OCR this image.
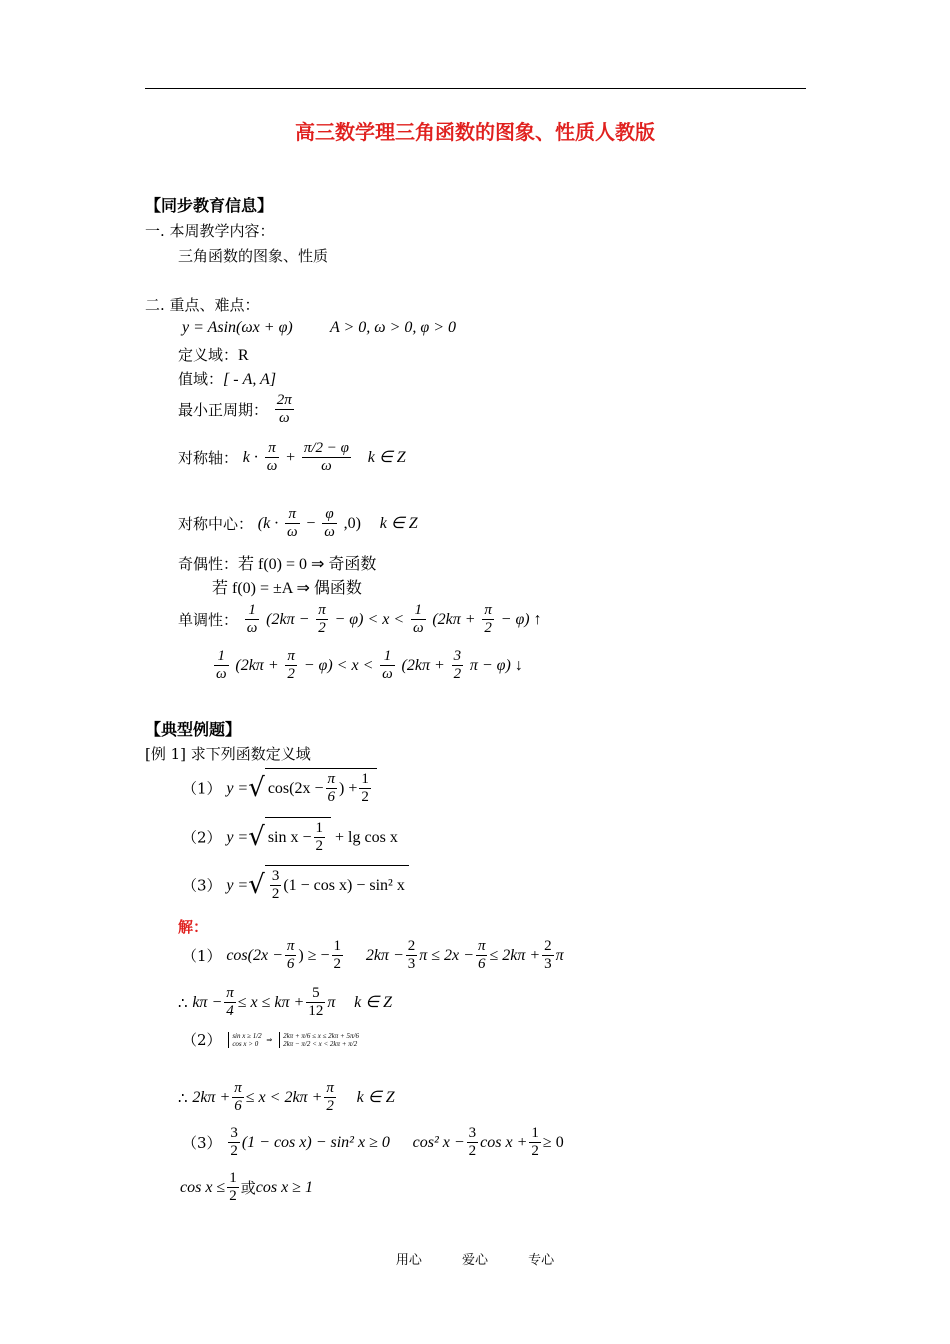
高三数学理三角函数的图象、性质人教版
【同步教育信息】
一. 本周教学内容：
三角函数的图象、性质
二. 重点、难点：
y = Asin(ωx + φ) A > 0, ω > 0, φ > 0
定义域：R
值域：[ - A, A]
最小正周期： $\frac{2\pi}{\omega}$
对称轴： $k \cdot \frac{\pi}{\omega} + \frac{\pi/2 - \varphi}{\omega}$ k ∈ Z
对称中心： $(k \cdot \frac{\pi}{\omega} - \frac{\varphi}{\omega} ,0)$ k ∈ Z
奇偶性：若 f(0) = 0 ⇒ 奇函数
若 f(0) = ±A ⇒ 偶函数
单调性： $\frac{1}{\omega} (2k\pi - \frac{\pi}{2} - \varphi) < x < \frac{1}{\omega} (2k\pi + \frac{\pi}{2} - \varphi)$ ↑
$\frac{1}{\omega} (2k\pi + \frac{\pi}{2} - \varphi) < x < \frac{1}{\omega} (2k\pi + \frac{3}{2}$ π − φ) ↓
【典型例题】
[例 1] 求下列函数定义域
（1） y =√ $\cos(2x - \frac{\pi}{6}$ ) + $\frac{1}{2}$
（2） y =√ $\sin x - \frac{1}{2} + \lg \cos x$
（3） y =√ $\frac{3}{2} (1 - \cos x) - \sin^2$ x
解：
（1） $\cos(2x - \frac{\pi}{6}$ ) ≥ − $\frac{1}{2} 2k\pi - \frac{2}{3}$ $\pi \le 2x - \frac{\pi}{6} \le 2k\pi + \frac{2}{3}$ π
∴ $k\pi - \frac{\pi}{4} \le x \le k\pi + \frac{5}{12}$ π k ∈ Z
（2） sin x ≥ 1/2
cos x > 0
⇒
2kπ + π/6 ≤ x ≤ 2kπ + 5π/6
2kπ − π/2 < x < 2kπ + π/2
∴ $2k\pi + \frac{\pi}{6} \le x < 2k\pi + \frac{\pi}{2}$ k ∈ Z
$(3) \frac{3}{2} (1 - \cos x) - \sin^2$ x ≥ 0 cos² $x - \frac{3}{2}$ $\cos x + \frac{1}{2} \ge 0$
$\cos x \le \frac{1}{2}$ 或cos x ≥ 1
用心 爱心 专心
